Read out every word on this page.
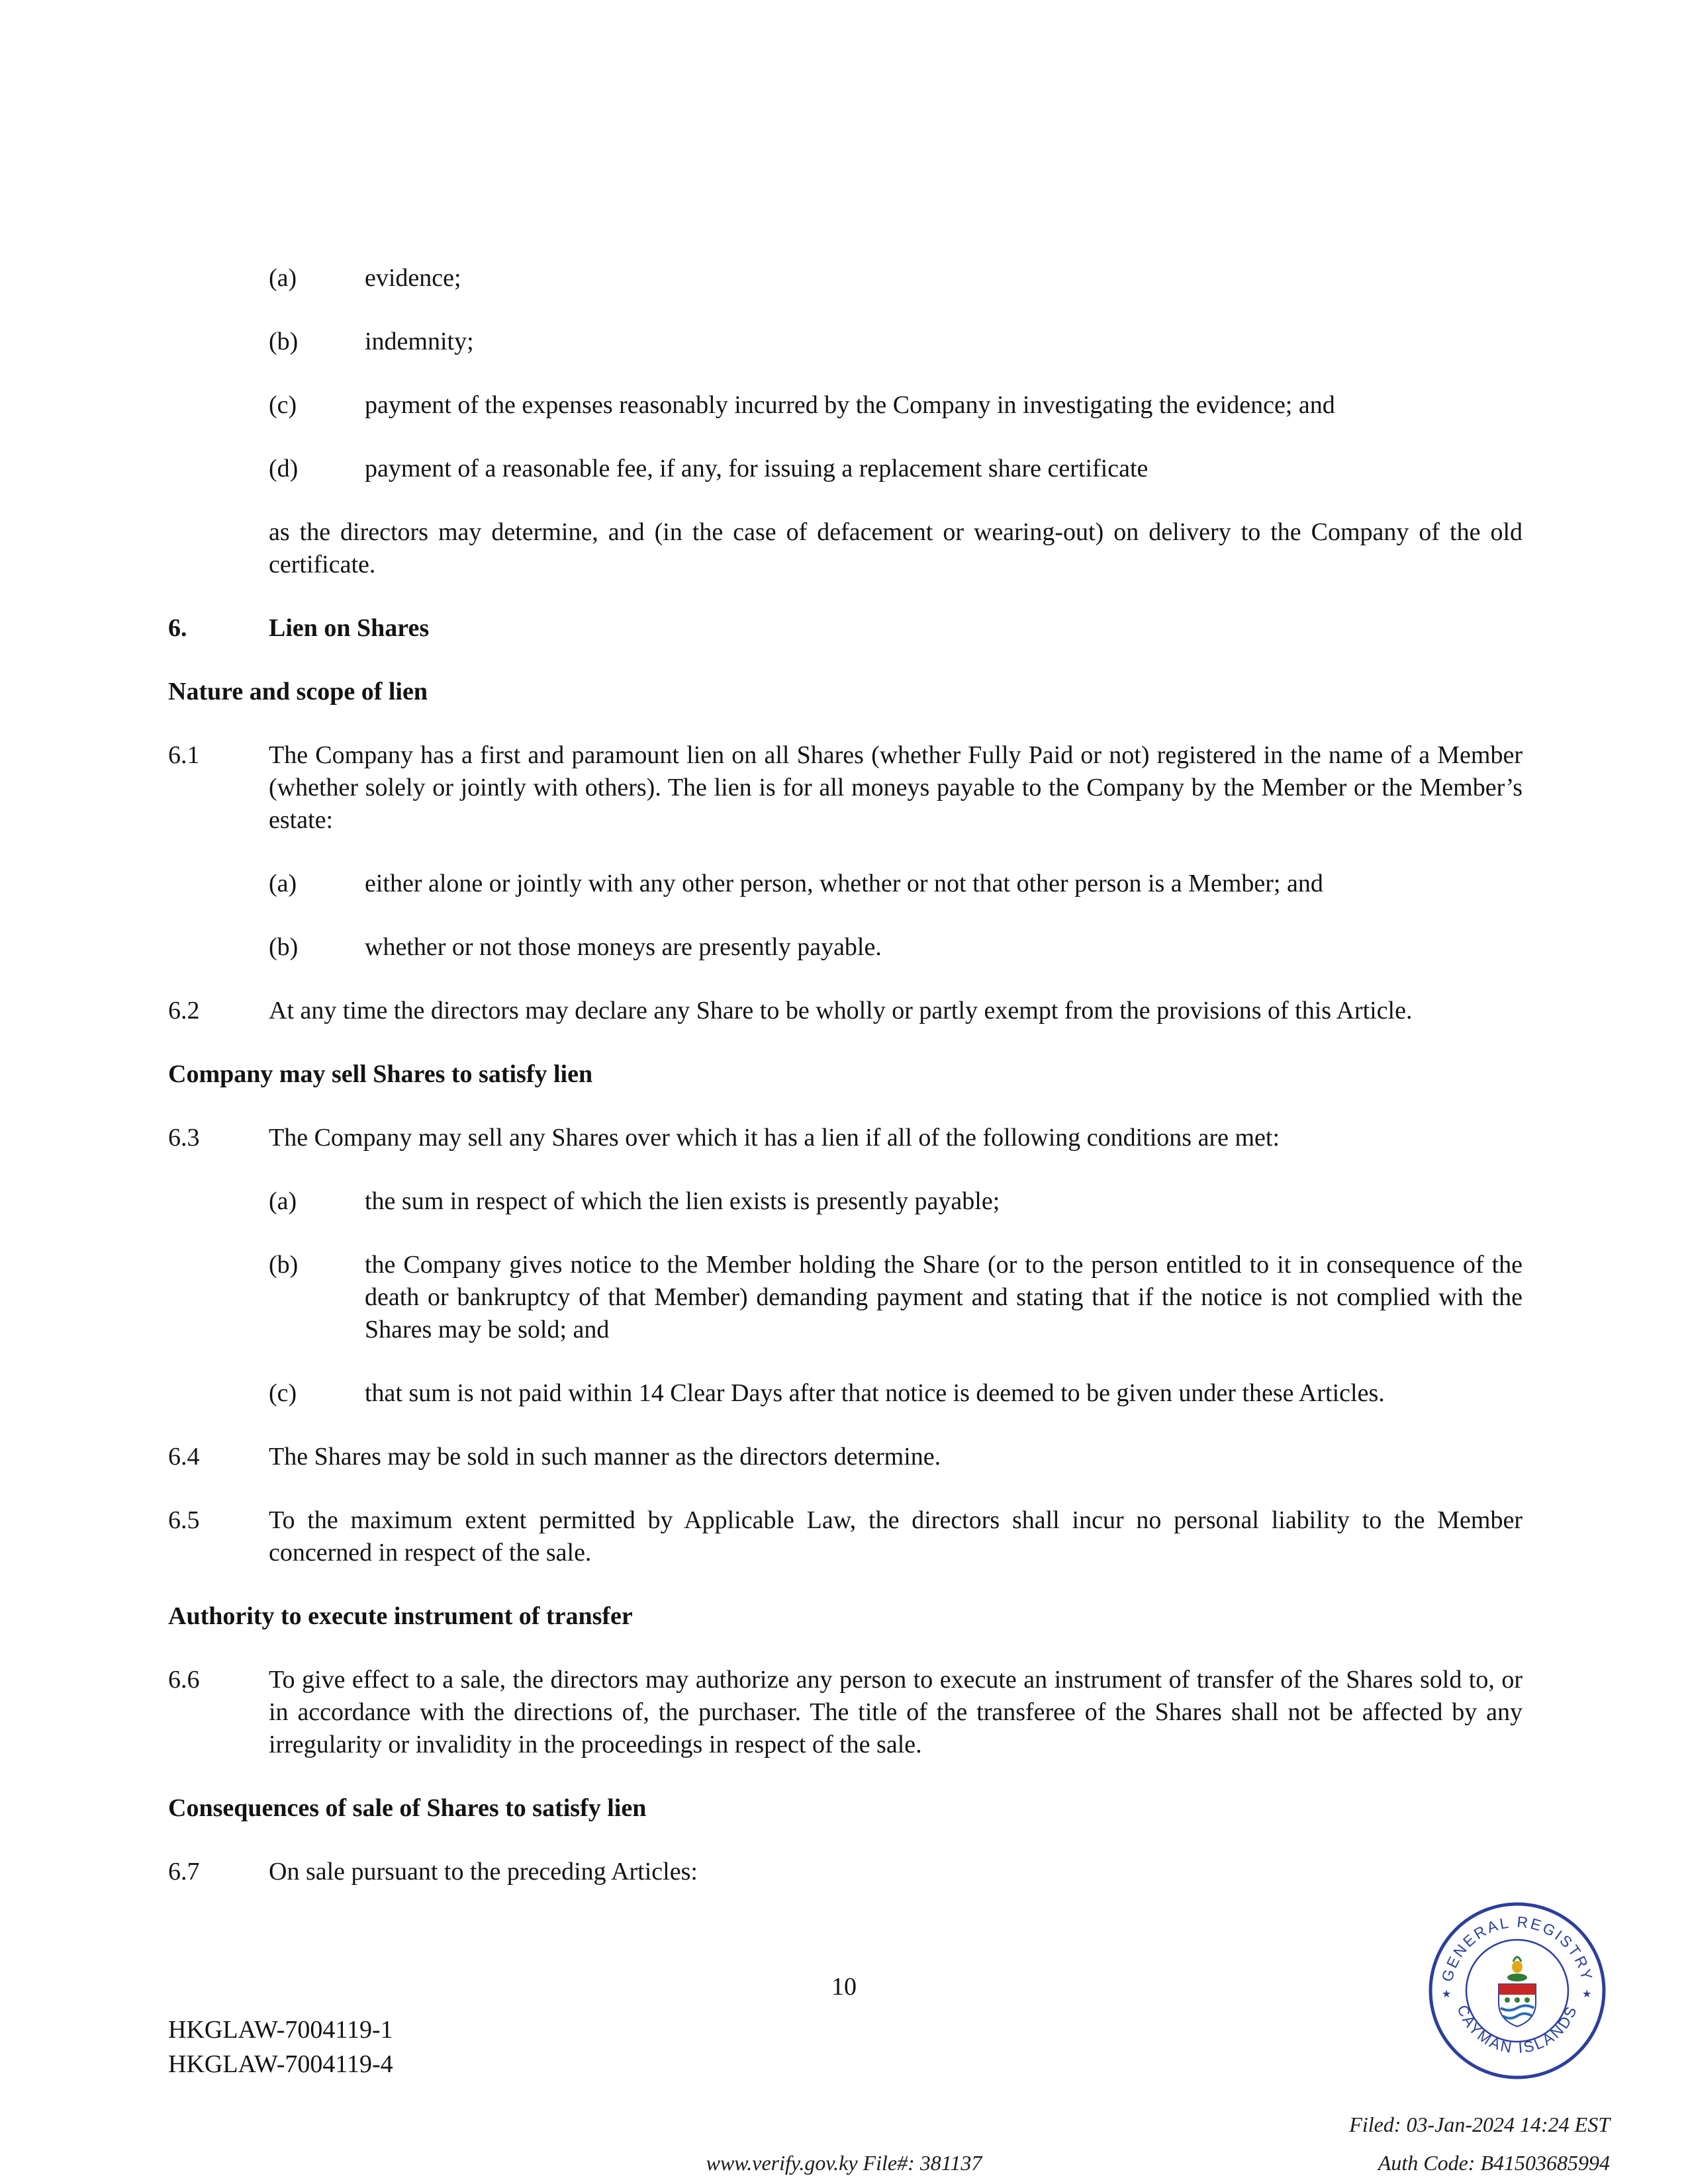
(a)	evidence;
(b)	indemnity;
(c)	payment of the expenses reasonably incurred by the Company in investigating the evidence; and
(d)	payment of a reasonable fee, if any, for issuing a replacement share certificate

as the directors may determine, and (in the case of defacement or wearing-out) on delivery to the Company of the old certificate.

6.	Lien on Shares

Nature and scope of lien

6.1	The Company has a first and paramount lien on all Shares (whether Fully Paid or not) registered in the name of a Member (whether solely or jointly with others). The lien is for all moneys payable to the Company by the Member or the Member’s estate:
(a)	either alone or jointly with any other person, whether or not that other person is a Member; and
(b)	whether or not those moneys are presently payable.
6.2	At any time the directors may declare any Share to be wholly or partly exempt from the provisions of this Article.

Company may sell Shares to satisfy lien

6.3	The Company may sell any Shares over which it has a lien if all of the following conditions are met:
(a)	the sum in respect of which the lien exists is presently payable;
(b)	the Company gives notice to the Member holding the Share (or to the person entitled to it in consequence of the death or bankruptcy of that Member) demanding payment and stating that if the notice is not complied with the Shares may be sold; and
(c)	that sum is not paid within 14 Clear Days after that notice is deemed to be given under these Articles.
6.4	The Shares may be sold in such manner as the directors determine.
6.5	To the maximum extent permitted by Applicable Law, the directors shall incur no personal liability to the Member concerned in respect of the sale.

Authority to execute instrument of transfer

6.6	To give effect to a sale, the directors may authorize any person to execute an instrument of transfer of the Shares sold to, or in accordance with the directions of, the purchaser. The title of the transferee of the Shares shall not be affected by any irregularity or invalidity in the proceedings in respect of the sale.

Consequences of sale of Shares to satisfy lien

6.7	On sale pursuant to the preceding Articles:
10
HKGLAW-7004119-1
HKGLAW-7004119-4
GENERAL REGISTRY
CAYMAN ISLANDS
★	★
Filed: 03-Jan-2024 14:24 EST
www.verify.gov.ky File#: 381137	Auth Code: B41503685994
